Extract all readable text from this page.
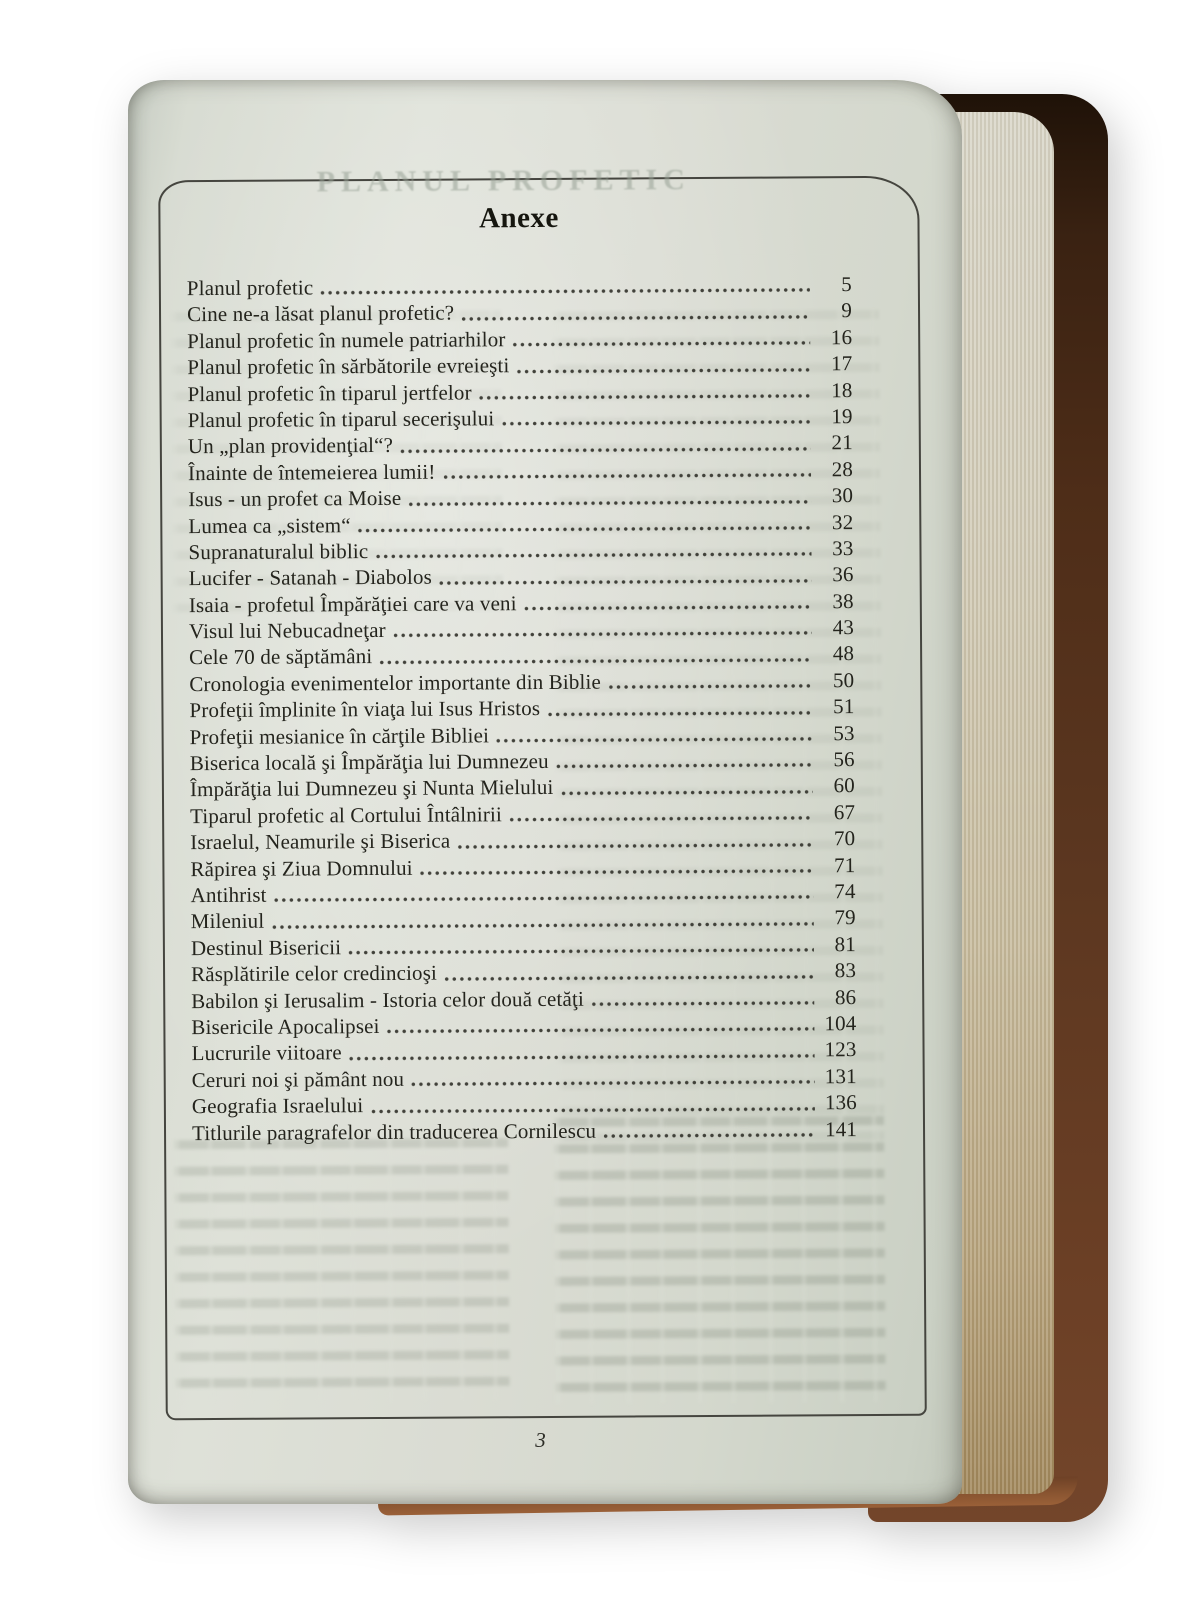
PLANUL PROFETIC
Anexe
Planul profetic	5
Cine ne-a lăsat planul profetic?	9
Planul profetic în numele patriarhilor	16
Planul profetic în sărbătorile evreieşti	17
Planul profetic în tiparul jertfelor	18
Planul profetic în tiparul secerişului	19
Un „plan providenţial“?	21
Înainte de întemeierea lumii!	28
Isus - un profet ca Moise	30
Lumea ca „sistem“	32
Supranaturalul biblic	33
Lucifer - Satanah - Diabolos	36
Isaia - profetul Împărăţiei care va veni	38
Visul lui Nebucadneţar	43
Cele 70 de săptămâni	48
Cronologia evenimentelor importante din Biblie	50
Profeţii împlinite în viaţa lui Isus Hristos	51
Profeţii mesianice în cărţile Bibliei	53
Biserica locală şi Împărăţia lui Dumnezeu	56
Împărăţia lui Dumnezeu şi Nunta Mielului	60
Tiparul profetic al Cortului Întâlnirii	67
Israelul, Neamurile şi Biserica	70
Răpirea şi Ziua Domnului	71
Antihrist	74
Mileniul	79
Destinul Bisericii	81
Răsplătirile celor credincioşi	83
Babilon şi Ierusalim - Istoria celor două cetăţi	86
Bisericile Apocalipsei	104
Lucrurile viitoare	123
Ceruri noi şi pământ nou	131
Geografia Israelului	136
Titlurile paragrafelor din traducerea Cornilescu	141
3
